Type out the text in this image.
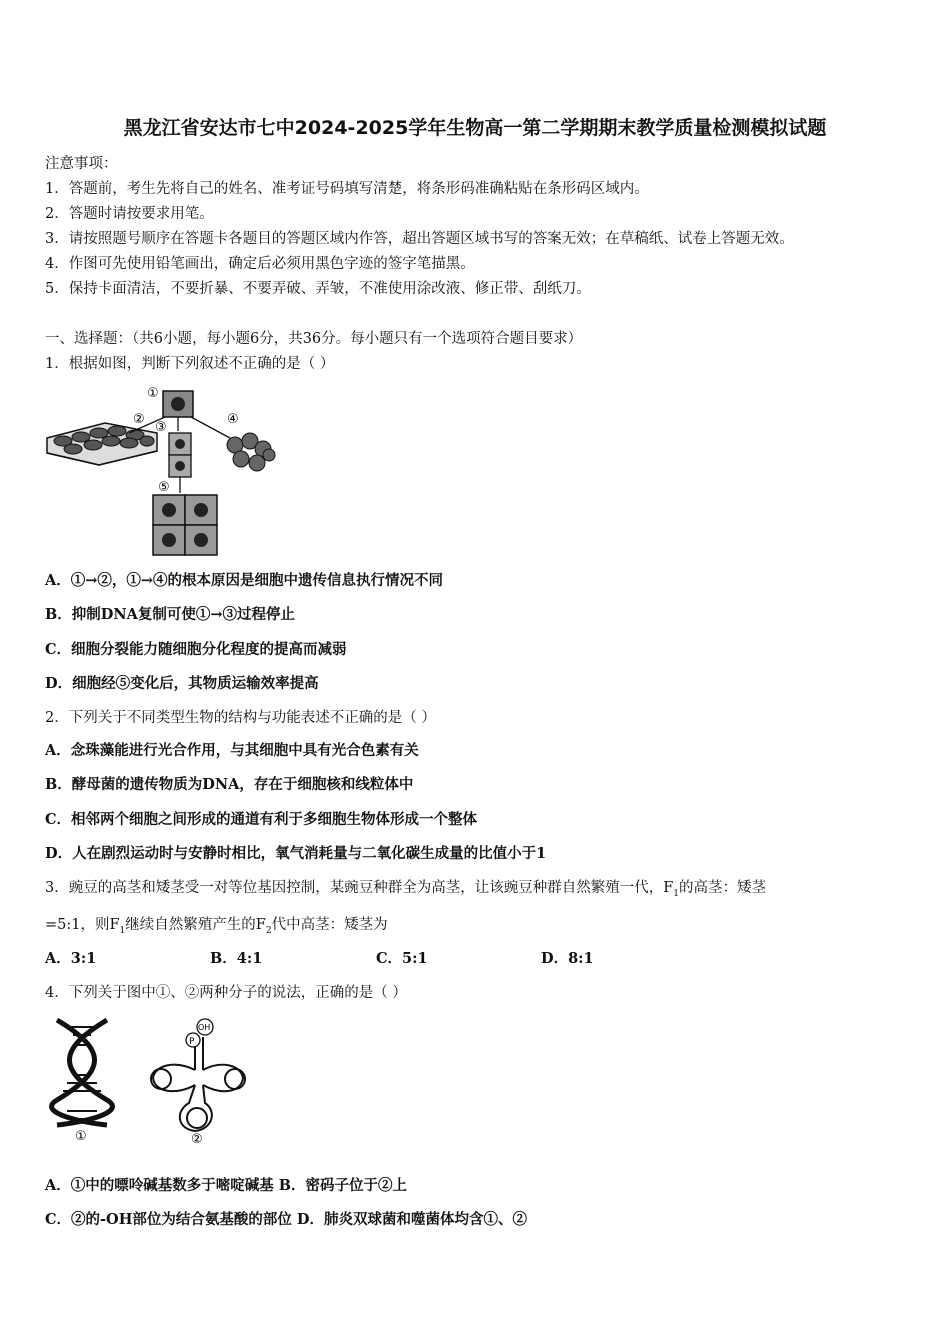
黑龙江省安达市七中2024-2025学年生物高一第二学期期末教学质量检测模拟试题
注意事项：
1．答题前，考生先将自己的姓名、准考证号码填写清楚，将条形码准确粘贴在条形码区域内。
2．答题时请按要求用笔。
3．请按照题号顺序在答题卡各题目的答题区域内作答，超出答题区域书写的答案无效；在草稿纸、试卷上答题无效。
4．作图可先使用铅笔画出，确定后必须用黑色字迹的签字笔描黑。
5．保持卡面清洁，不要折暴、不要弄破、弄皱，不准使用涂改液、修正带、刮纸刀。
一、选择题：（共6小题，每小题6分，共36分。每小题只有一个选项符合题目要求）
1．根据如图，判断下列叙述不正确的是（ ）
①
②
③
④
⑤
A．①→②，①→④的根本原因是细胞中遗传信息执行情况不同
B．抑制DNA复制可使①→③过程停止
C．细胞分裂能力随细胞分化程度的提高而减弱
D．细胞经⑤变化后，其物质运输效率提高
2．下列关于不同类型生物的结构与功能表述不正确的是（ ）
A．念珠藻能进行光合作用，与其细胞中具有光合色素有关
B．酵母菌的遗传物质为DNA，存在于细胞核和线粒体中
C．相邻两个细胞之间形成的通道有利于多细胞生物体形成一个整体
D．人在剧烈运动时与安静时相比，氧气消耗量与二氧化碳生成量的比值小于1
3．豌豆的高茎和矮茎受一对等位基因控制，某豌豆种群全为高茎，让该豌豆种群自然繁殖一代，$F_1$的高茎：矮茎
=5:1，则$F_1$继续自然繁殖产生的$F_2$代中高茎：矮茎为
A．3:1	B．4:1	C．5:1	D．8:1
4．下列关于图中①、②两种分子的说法，正确的是（ ）
①
P
OH
②
A．①中的嘌呤碱基数多于嘧啶碱基 B．密码子位于②上
C．②的-OH部位为结合氨基酸的部位 D．肺炎双球菌和噬菌体均含①、②
